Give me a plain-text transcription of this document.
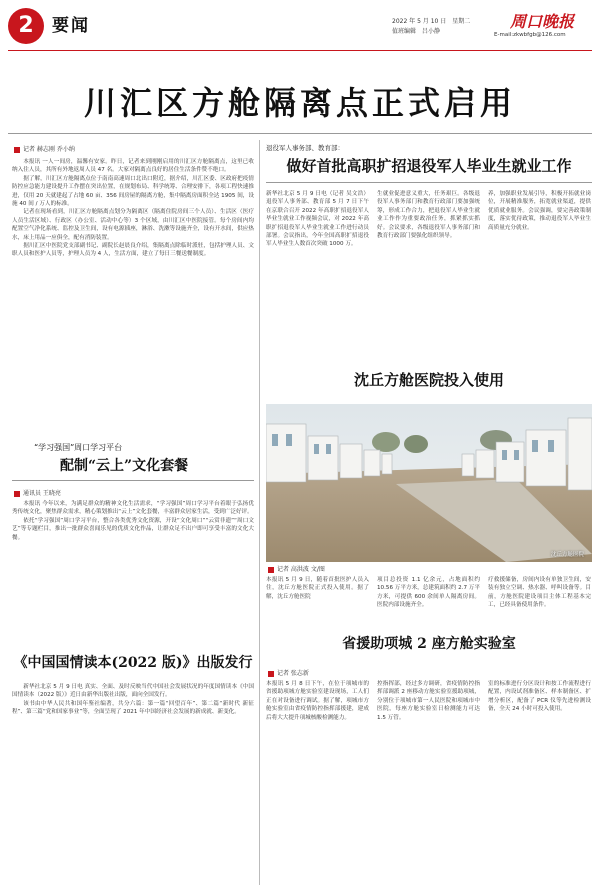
2	要闻	2022 年 5 月 10 日　星期二
值班编辑　吕小静
周口晚报
E-mail:zkwbfgb@126.com
川汇区方舱隔离点正式启用
记者 赫志刚 乔小纳

本报讯 一人一间房，温馨有安家。昨日，记者来到刚刚启用的川汇区方舱隔离点，这里已收纳入住人员，其所有外地返周人员 47 名。大家对隔离点良好的居住生活条件赞不绝口。

据了解，川汇区方舱隔离点位于南南高速周口北出口附近，据介绍，川汇区委、区政府把疫情防控应急能力建设提升工作摆在突出位置，在规划布局、科学统筹、合理安排下，各项工程快速推进，仅用 20 天就建起了占地 60 亩、356 间房屋的隔离方舱，集中隔离房面积全达 1905 间，设施 40 间 / 万人的标准。

记者在现场看到，川汇区方舱隔离点划分为隔离区（隔离住院房间三个人员）、生活区（医疗人员生活区域）、行政区（办公室、活动中心等）3 个区域，由川汇区中医院接管。每个房间内均配置空气净化系统、监控及卫生间，设有电源插座，淋浴、洗漱等设施齐全，设有开水间，供应热水，床上用品一应俱全，配有消防装置。

据川汇区中医院党支部副书记、副院长赵晨良介绍，集隔离点除临时派驻，包括护理人员、文职人员和医护人员等，护理人员为 4 人，生活方面，建立了每日三餐送餐制度。

“学习强国”周口学习平台
配制“云上”文化套餐
通讯员 王晓亮

本报讯 今年以来，为满足群众的精神文化生活需求，“学习强国”周口学习平台着眼于弘扬优秀传统文化，聚焦群众需求，精心策划推出“云上”文化套餐，丰富群众居家生活，受到广泛好评。

依托“学习强国”周口学习平台，整合各类优秀文化资源，开设“文化周口”“云赏非遗”“周口文艺”等专题栏目，推出一批群众喜闻乐见的优质文化作品，让群众足不出户即可享受丰富的文化大餐。

《中国国情读本(2022 版)》出版发行

新华社北京 5 月 9 日电 真实、全面、及时反映当代中国社会发展状况的年度国情读本《中国国情读本（2022 版）》近日由新华出版社出版，面向全国发行。

该书由中华人民共和国年鉴社编著，共分六篇：第一篇“回望百年”、第二篇“新时代 新征程”、第三篇“党和国家事业”等，全面呈现了 2021 年中国经济社会发展的新成就、新变化。

退役军人事务部、教育部：
做好首批高职扩招退役军人毕业生就业工作
新华社北京 5 月 9 日电（记者 吴文浩）退役军人事务部、教育部 5 月 7 日下午在京联合召开 2022 年高职扩招退役军人毕业生就业工作视频会议，对 2022 年高职扩招退役军人毕业生就业工作进行动员部署。会议指出，今年全国高职扩招退役军人毕业生人数首次突破 1000 万。
生就业促进意义重大，任务艰巨。各级退役军人事务部门和教育行政部门要加强统筹，形成工作合力，把退役军人毕业生就业工作作为重要政治任务，抓紧抓实抓好。会议要求，各级退役军人事务部门和教育行政部门要强化组织领导。
养，加强职业发展引导，积极开拓就业岗位，开展精准服务，拓宽就业渠道，提供优质就业服务。会议强调，要完善政策制度，落实优待政策，推动退役军人毕业生高质量充分就业。
沈丘方舱医院投入使用
沈丘方舱医院
记者 高洪波 文/图
本报讯 5 月 9 日，随着首批医护人员入住，沈丘方舱医院正式投入使用。据了解，沈丘方舱医院
项目总投资 1.1 亿余元，占地面积约 10.56 万平方米，总建筑面积约 2.7 万平方米，可提供 600 余间单人隔离房间。医院内部设施齐全。
疗救援储备，房间内设有单独卫生间，安装有独立空调、热水器、呼叫设备等。目前，方舱医院建设项目主体工程基本完工，已经具备使用条件。
省援助项城 2 座方舱实验室
记者 张志新
本报讯 5 月 8 日下午，在位于项城市的省援助项城方舱实验室建设现场，工人们正在对设备进行调试。据了解，项城市方舱实验室由省疫情防控指挥部援建，建成后将大大提升项城核酸检测能力。
控指挥部，经过多方调研，省疫情防控指挥部调派 2 座移动方舱实验室援助项城，分别位于项城市第一人民医院和项城市中医院，每座方舱实验室日检测能力可达 1.5 万管。
室的标准进行分区设计和按工作流程进行配置，内设试剂准备区、样本制备区、扩增分析区，配备了 PCR 仪等先进检测设备，全天 24 小时可投入使用。
